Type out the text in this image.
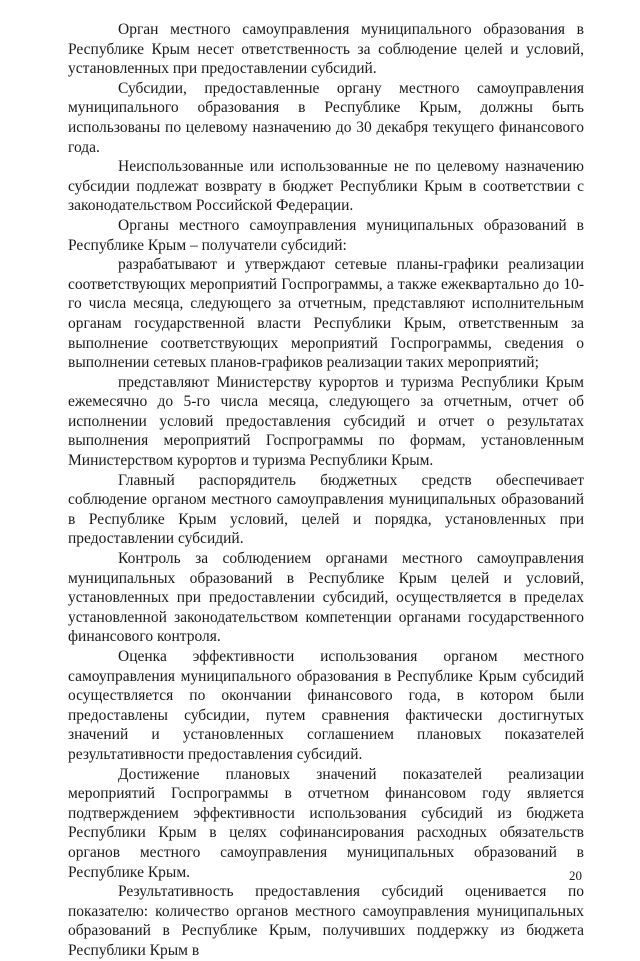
Орган местного самоуправления муниципального образования в Республике Крым несет ответственность за соблюдение целей и условий, установленных при предоставлении субсидий.

Субсидии, предоставленные органу местного самоуправления муниципального образования в Республике Крым, должны быть использованы по целевому назначению до 30 декабря текущего финансового года.

Неиспользованные или использованные не по целевому назначению субсидии подлежат возврату в бюджет Республики Крым в соответствии с законодательством Российской Федерации.

Органы местного самоуправления муниципальных образований в Республике Крым – получатели субсидий:

разрабатывают и утверждают сетевые планы-графики реализации соответствующих мероприятий Госпрограммы, а также ежеквартально до 10-го числа месяца, следующего за отчетным, представляют исполнительным органам государственной власти Республики Крым, ответственным за выполнение соответствующих мероприятий Госпрограммы, сведения о выполнении сетевых планов-графиков реализации таких мероприятий;

представляют Министерству курортов и туризма Республики Крым ежемесячно до 5-го числа месяца, следующего за отчетным, отчет об исполнении условий предоставления субсидий и отчет о результатах выполнения мероприятий Госпрограммы по формам, установленным Министерством курортов и туризма Республики Крым.

Главный распорядитель бюджетных средств обеспечивает соблюдение органом местного самоуправления муниципальных образований в Республике Крым условий, целей и порядка, установленных при предоставлении субсидий.

Контроль за соблюдением органами местного самоуправления муниципальных образований в Республике Крым целей и условий, установленных при предоставлении субсидий, осуществляется в пределах установленной законодательством компетенции органами государственного финансового контроля.

Оценка эффективности использования органом местного самоуправления муниципального образования в Республике Крым субсидий осуществляется по окончании финансового года, в котором были предоставлены субсидии, путем сравнения фактически достигнутых значений и установленных соглашением плановых показателей результативности предоставления субсидий.

Достижение плановых значений показателей реализации мероприятий Госпрограммы в отчетном финансовом году является подтверждением эффективности использования субсидий из бюджета Республики Крым в целях софинансирования расходных обязательств органов местного самоуправления муниципальных образований в Республике Крым.

Результативность предоставления субсидий оценивается по показателю: количество органов местного самоуправления муниципальных образований в Республике Крым, получивших поддержку из бюджета Республики Крым в

20
